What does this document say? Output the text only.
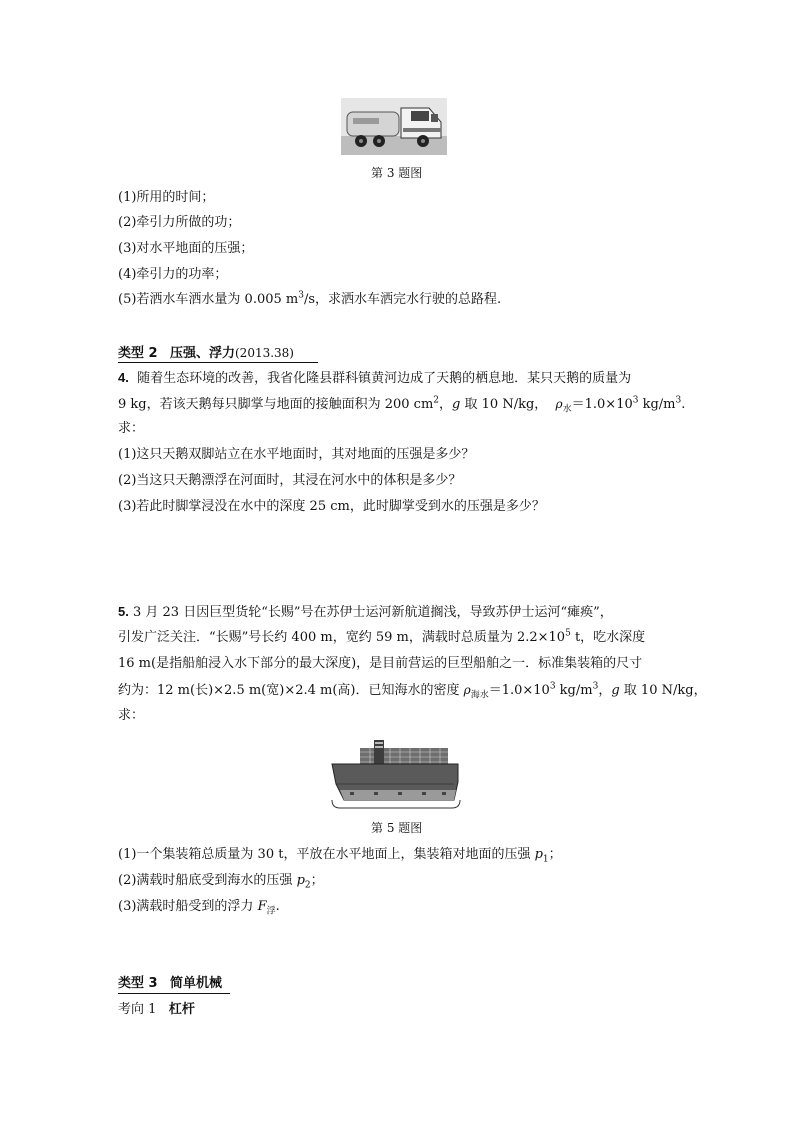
第 3 题图
(1)所用的时间；
(2)牵引力所做的功；
(3)对水平地面的压强；
(4)牵引力的功率；
(5)若洒水车洒水量为 0.005 $m^3/s$，求洒水车洒完水行驶的总路程.
类型 2 压强、浮力(2013.38)
4. 随着生态环境的改善，我省化隆县群科镇黄河边成了天鹅的栖息地．某只天鹅的质量为
9 kg，若该天鹅每只脚掌与地面的接触面积为 200 $cm^2$，g 取 10 N/kg， $\rho_水=1.0\times 10^3$ $kg/m^3$.
求：
(1)这只天鹅双脚站立在水平地面时，其对地面的压强是多少？
(2)当这只天鹅漂浮在河面时，其浸在河水中的体积是多少？
(3)若此时脚掌浸没在水中的深度 25 cm，此时脚掌受到水的压强是多少？
5. 3 月 23 日因巨型货轮“长赐”号在苏伊士运河新航道搁浅，导致苏伊士运河“瘫痪”，
引发广泛关注．“长赐”号长约 400 m，宽约 59 m，满载时总质量为 $2.2\times 10^5$ t，吃水深度
16 m(是指船舶浸入水下部分的最大深度)，是目前营运的巨型船舶之一．标准集装箱的尺寸
约为：12 m(长)×2.5 m(宽)×2.4 m(高)．已知海水的密度 $\rho_{海水}=1.0\times 10^3$ $kg/m^3$，g 取 10 N/kg，
求：
第 5 题图
(1)一个集装箱总质量为 30 t，平放在水平地面上，集装箱对地面的压强 $p_1$；
(2)满载时船底受到海水的压强 $p_2$；
(3)满载时船受到的浮力 $F_浮$.
类型 3 简单机械
考向 1 杠杆
